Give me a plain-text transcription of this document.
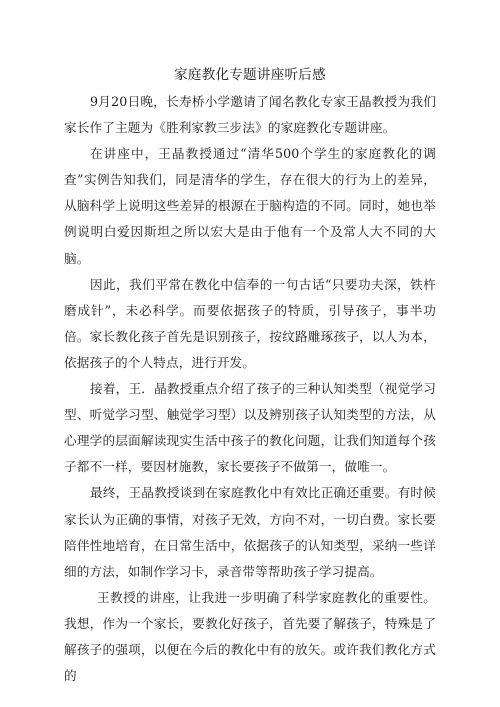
家庭教化专题讲座听后感

9月20日晚，长寿桥小学邀请了闻名教化专家王晶教授为我们家长作了主题为《胜利家教三步法》的家庭教化专题讲座。

在讲座中，王晶教授通过“清华500个学生的家庭教化的调查”实例告知我们，同是清华的学生，存在很大的行为上的差异，从脑科学上说明这些差异的根源在于脑构造的不同。同时，她也举例说明白爱因斯坦之所以宏大是由于他有一个及常人大不同的大脑。

因此，我们平常在教化中信奉的一句古话“只要功夫深，铁杵磨成针”，未必科学。而要依据孩子的特质，引导孩子，事半功倍。家长教化孩子首先是识别孩子，按纹路雕琢孩子，以人为本，依据孩子的个人特点，进行开发。

接着，王．晶教授重点介绍了孩子的三种认知类型（视觉学习型、听觉学习型、触觉学习型）以及辨别孩子认知类型的方法，从心理学的层面解读现实生活中孩子的教化问题，让我们知道每个孩子都不一样，要因材施教，家长要孩子不做第一，做唯一。

最终，王晶教授谈到在家庭教化中有效比正确还重要。有时候家长认为正确的事情，对孩子无效，方向不对，一切白费。家长要陪伴性地培育，在日常生活中，依据孩子的认知类型，采纳一些详细的方法，如制作学习卡，录音带等帮助孩子学习提高。

王教授的讲座，让我进一步明确了科学家庭教化的重要性。我想，作为一个家长，要教化好孩子，首先要了解孩子，特殊是了解孩子的强项，以便在今后的教化中有的放矢。或许我们教化方式的
